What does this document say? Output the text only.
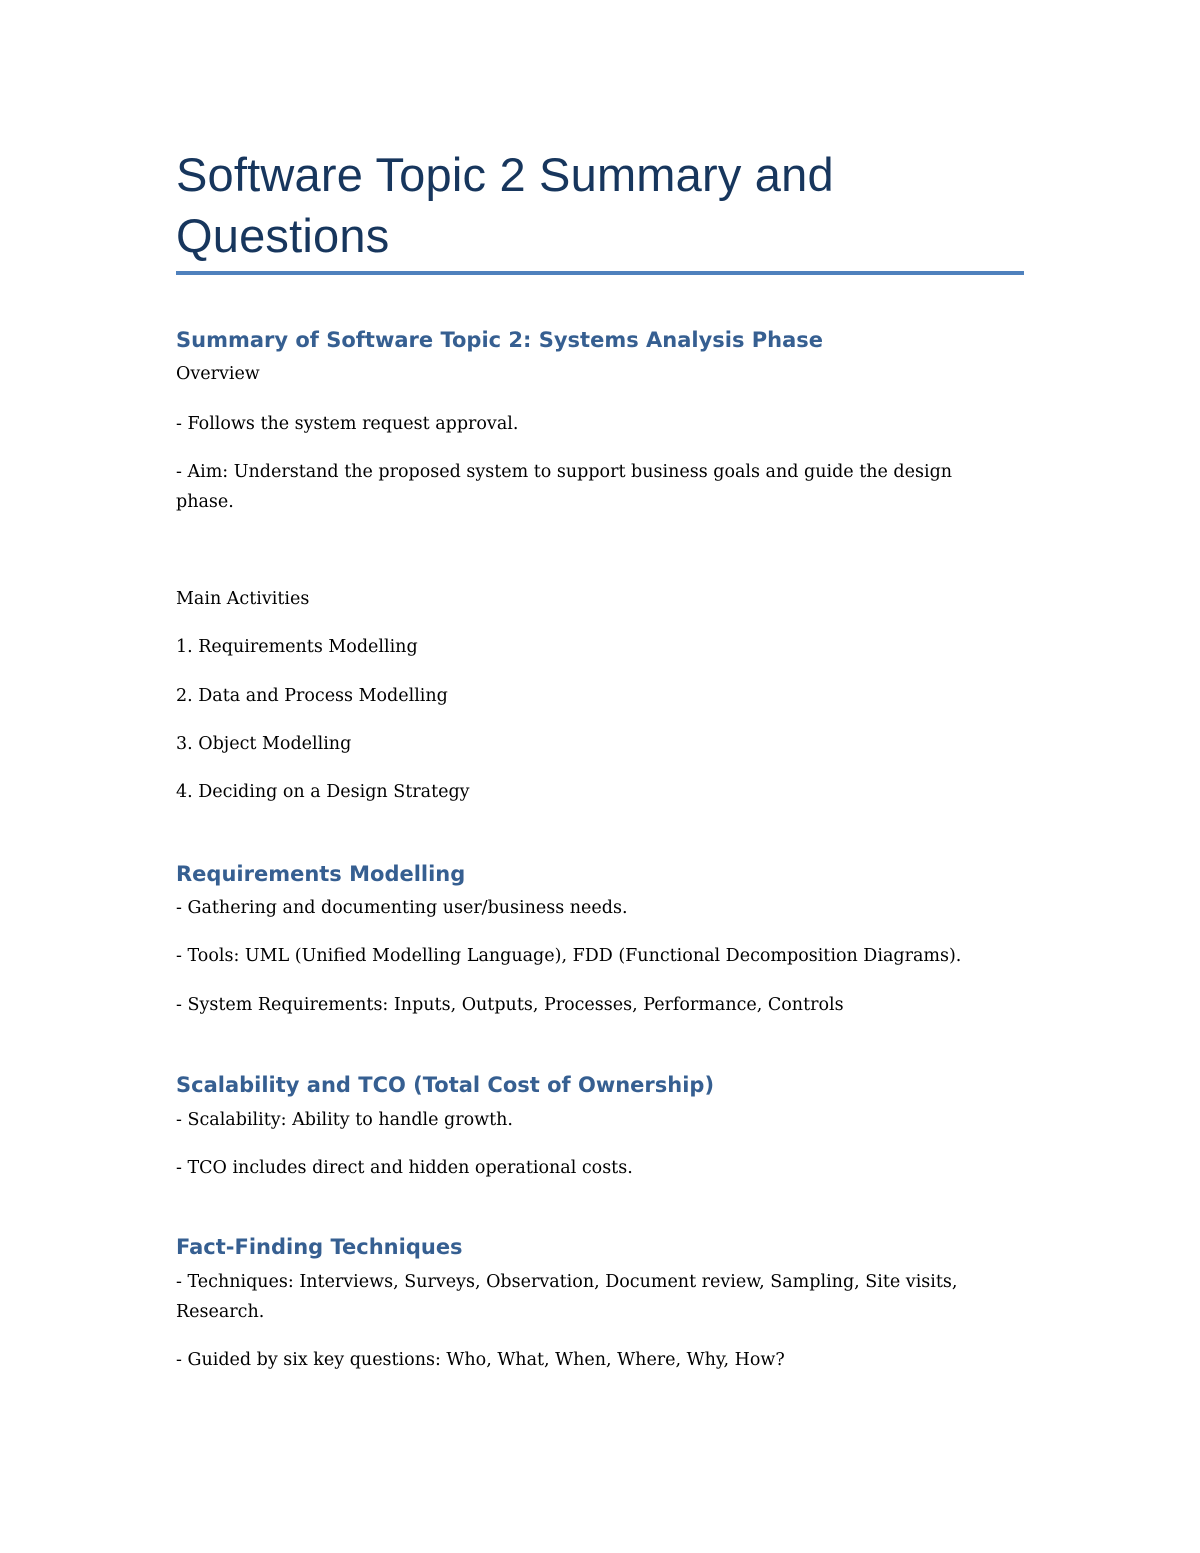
Software Topic 2 Summary and Questions
Summary of Software Topic 2: Systems Analysis Phase
Overview
- Follows the system request approval.
- Aim: Understand the proposed system to support business goals and guide the design phase.
Main Activities
1. Requirements Modelling
2. Data and Process Modelling
3. Object Modelling
4. Deciding on a Design Strategy
Requirements Modelling
- Gathering and documenting user/business needs.
- Tools: UML (Unified Modelling Language), FDD (Functional Decomposition Diagrams).
- System Requirements: Inputs, Outputs, Processes, Performance, Controls
Scalability and TCO (Total Cost of Ownership)
- Scalability: Ability to handle growth.
- TCO includes direct and hidden operational costs.
Fact-Finding Techniques
- Techniques: Interviews, Surveys, Observation, Document review, Sampling, Site visits, Research.
- Guided by six key questions: Who, What, When, Where, Why, How?
